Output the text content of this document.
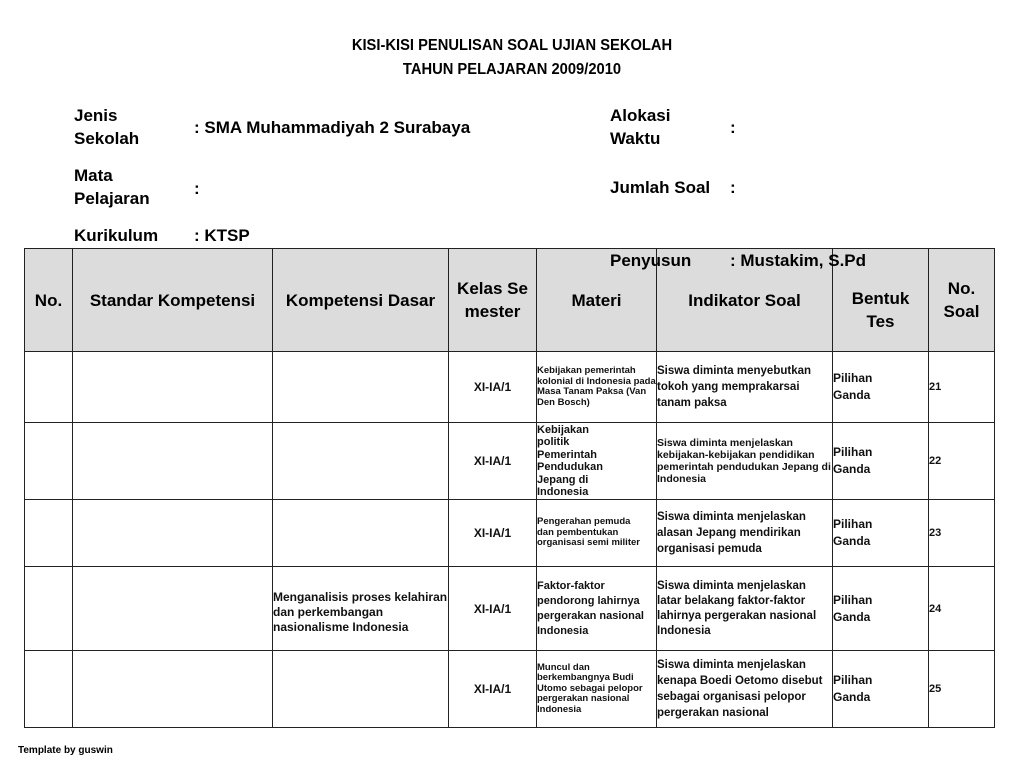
KISI-KISI PENULISAN SOAL UJIAN SEKOLAH
TAHUN PELAJARAN 2009/2010
Jenis Sekolah
: SMA Muhammadiyah 2 Surabaya
Mata Pelajaran
:
Kurikulum : KTSP
Alokasi Waktu
:
Jumlah Soal :
No.	Standar Kompetensi	Kompetensi Dasar	Kelas Semester	Materi	Indikator Soal	Bentuk Tes	No. Soal
			XI-IA/1	Kebijakan pemerintah kolonial di Indonesia pada Masa Tanam Paksa (Van Den Bosch)	Siswa diminta menyebutkan tokoh yang memprakarsai tanam paksa	Pilihan Ganda	21
			XI-IA/1	Kebijakan politik Pemerintah Pendudukan Jepang di Indonesia	Siswa diminta menjelaskan kebijakan-kebijakan pendidikan pemerintah pendudukan Jepang di Indonesia	Pilihan Ganda	22
			XI-IA/1	Pengerahan pemuda dan pembentukan organisasi semi militer	Siswa diminta menjelaskan alasan Jepang mendirikan organisasi pemuda	Pilihan Ganda	23
		Menganalisis proses kelahiran dan perkembangan nasionalisme Indonesia	XI-IA/1	Faktor-faktor pendorong lahirnya pergerakan nasional Indonesia	Siswa diminta menjelaskan latar belakang faktor-faktor lahirnya pergerakan nasional Indonesia	Pilihan Ganda	24
			XI-IA/1	Muncul dan berkembangnya Budi Utomo sebagai pelopor pergerakan nasional Indonesia	Siswa diminta menjelaskan kenapa Boedi Oetomo disebut sebagai organisasi pelopor pergerakan nasional	Pilihan Ganda	25
Penyusun : Mustakim, S.Pd
Template by guswin
